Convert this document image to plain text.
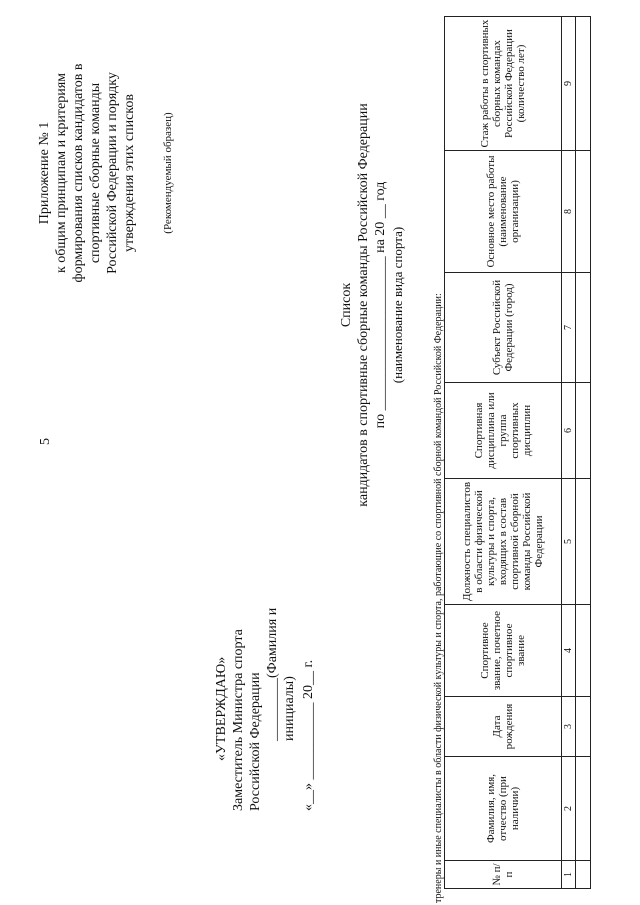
5
Приложение № 1 к общим принципам и критериям формирования списков кандидатов в спортивные сборные команды Российской Федерации и порядку утверждения этих списков (Рекомендуемый образец)
«УТВЕРЖДАЮ» Заместитель Министра спорта Российской Федерации _________(Фамилия и инициалы) «__» ___________ 20__ г.
Список кандидатов в спортивные сборные команды Российской Федерации по ______________________ на 20 __ год (наименование вида спорта)	тренеры и иные специалисты в области физической культуры и спорта, работающие со спортивной сборной командой Российской Федерации:	№ п/п	Фамилия, имя, отчество (при наличии)	Дата рождения	Спортивное звание, почетное спортивное звание	Должность специалистов в области физической культуры и спорта, входящих в состав спортивной сборной команды Российской Федерации	Спортивная дисциплина или группа спортивных дисциплин	Субъект Российской Федерации (город)	Основное место работы (наименование организации)	Стаж работы в спортивных сборных командах Российской Федерации (количество лет)
1	2	3	4	5	6	7	8	9
